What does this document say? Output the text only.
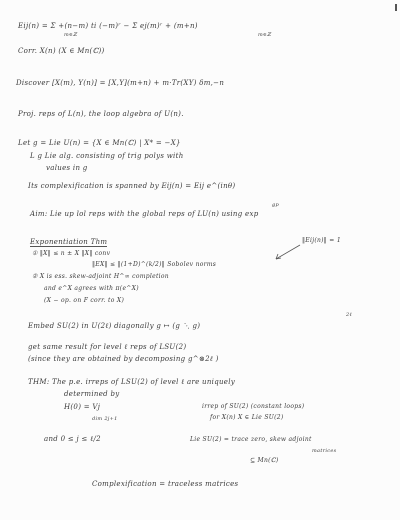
Eij(n) = Σ +(n−m) ti (−m)ʳ − Σ ej(m)ʳ + (m+n)
m∈ℤ	m∈ℤ
Corr. X(n) (X ∈ Mn(ℂ))
Discover [X(m), Y(n)] = [X,Y](m+n) + m·Tr(XY) δm,−n
Proj. reps of L(n), the loop algebra of U(n).
Let g = Lie U(n) = {X ∈ Mn(ℂ) | X* = −X}
L g Lie alg. consisting of trig polys with
values in g
Its complexification is spanned by Eij(n) = Eij e^(inθ)
gp
Aim: Lie up lol reps with the global reps of LU(n) using exp
Exponentiation Thm	‖Eij(n)‖ = 1
① ‖X‖ ≤ n ± X ‖X‖ conv
‖EX‖ ≤ ‖(1+D)^(k/2)‖ Sobolev norms
② X is ess. skew-adjoint H^∞ completion
and e^X agrees with π(e^X)
(X − op. on F corr. to X)
Embed SU(2) in U(2ℓ) diagonally g ↦ (g ⋱ g)
2ℓ
get same result for level ℓ reps of LSU(2)
(since they are obtained by decomposing g^⊗2ℓ )
THM: The p.e. irreps of LSU(2) of level ℓ are uniquely
determined by
H(0) = Vj	irrep of SU(2) (constant loops)
dim 2j+1	for X(n) X ∈ Lie SU(2)
and 0 ≤ j ≤ ℓ/2	Lie SU(2) = trace zero, skew adjoint
matrices
⊆ Mn(ℂ)
Complexification = traceless matrices
